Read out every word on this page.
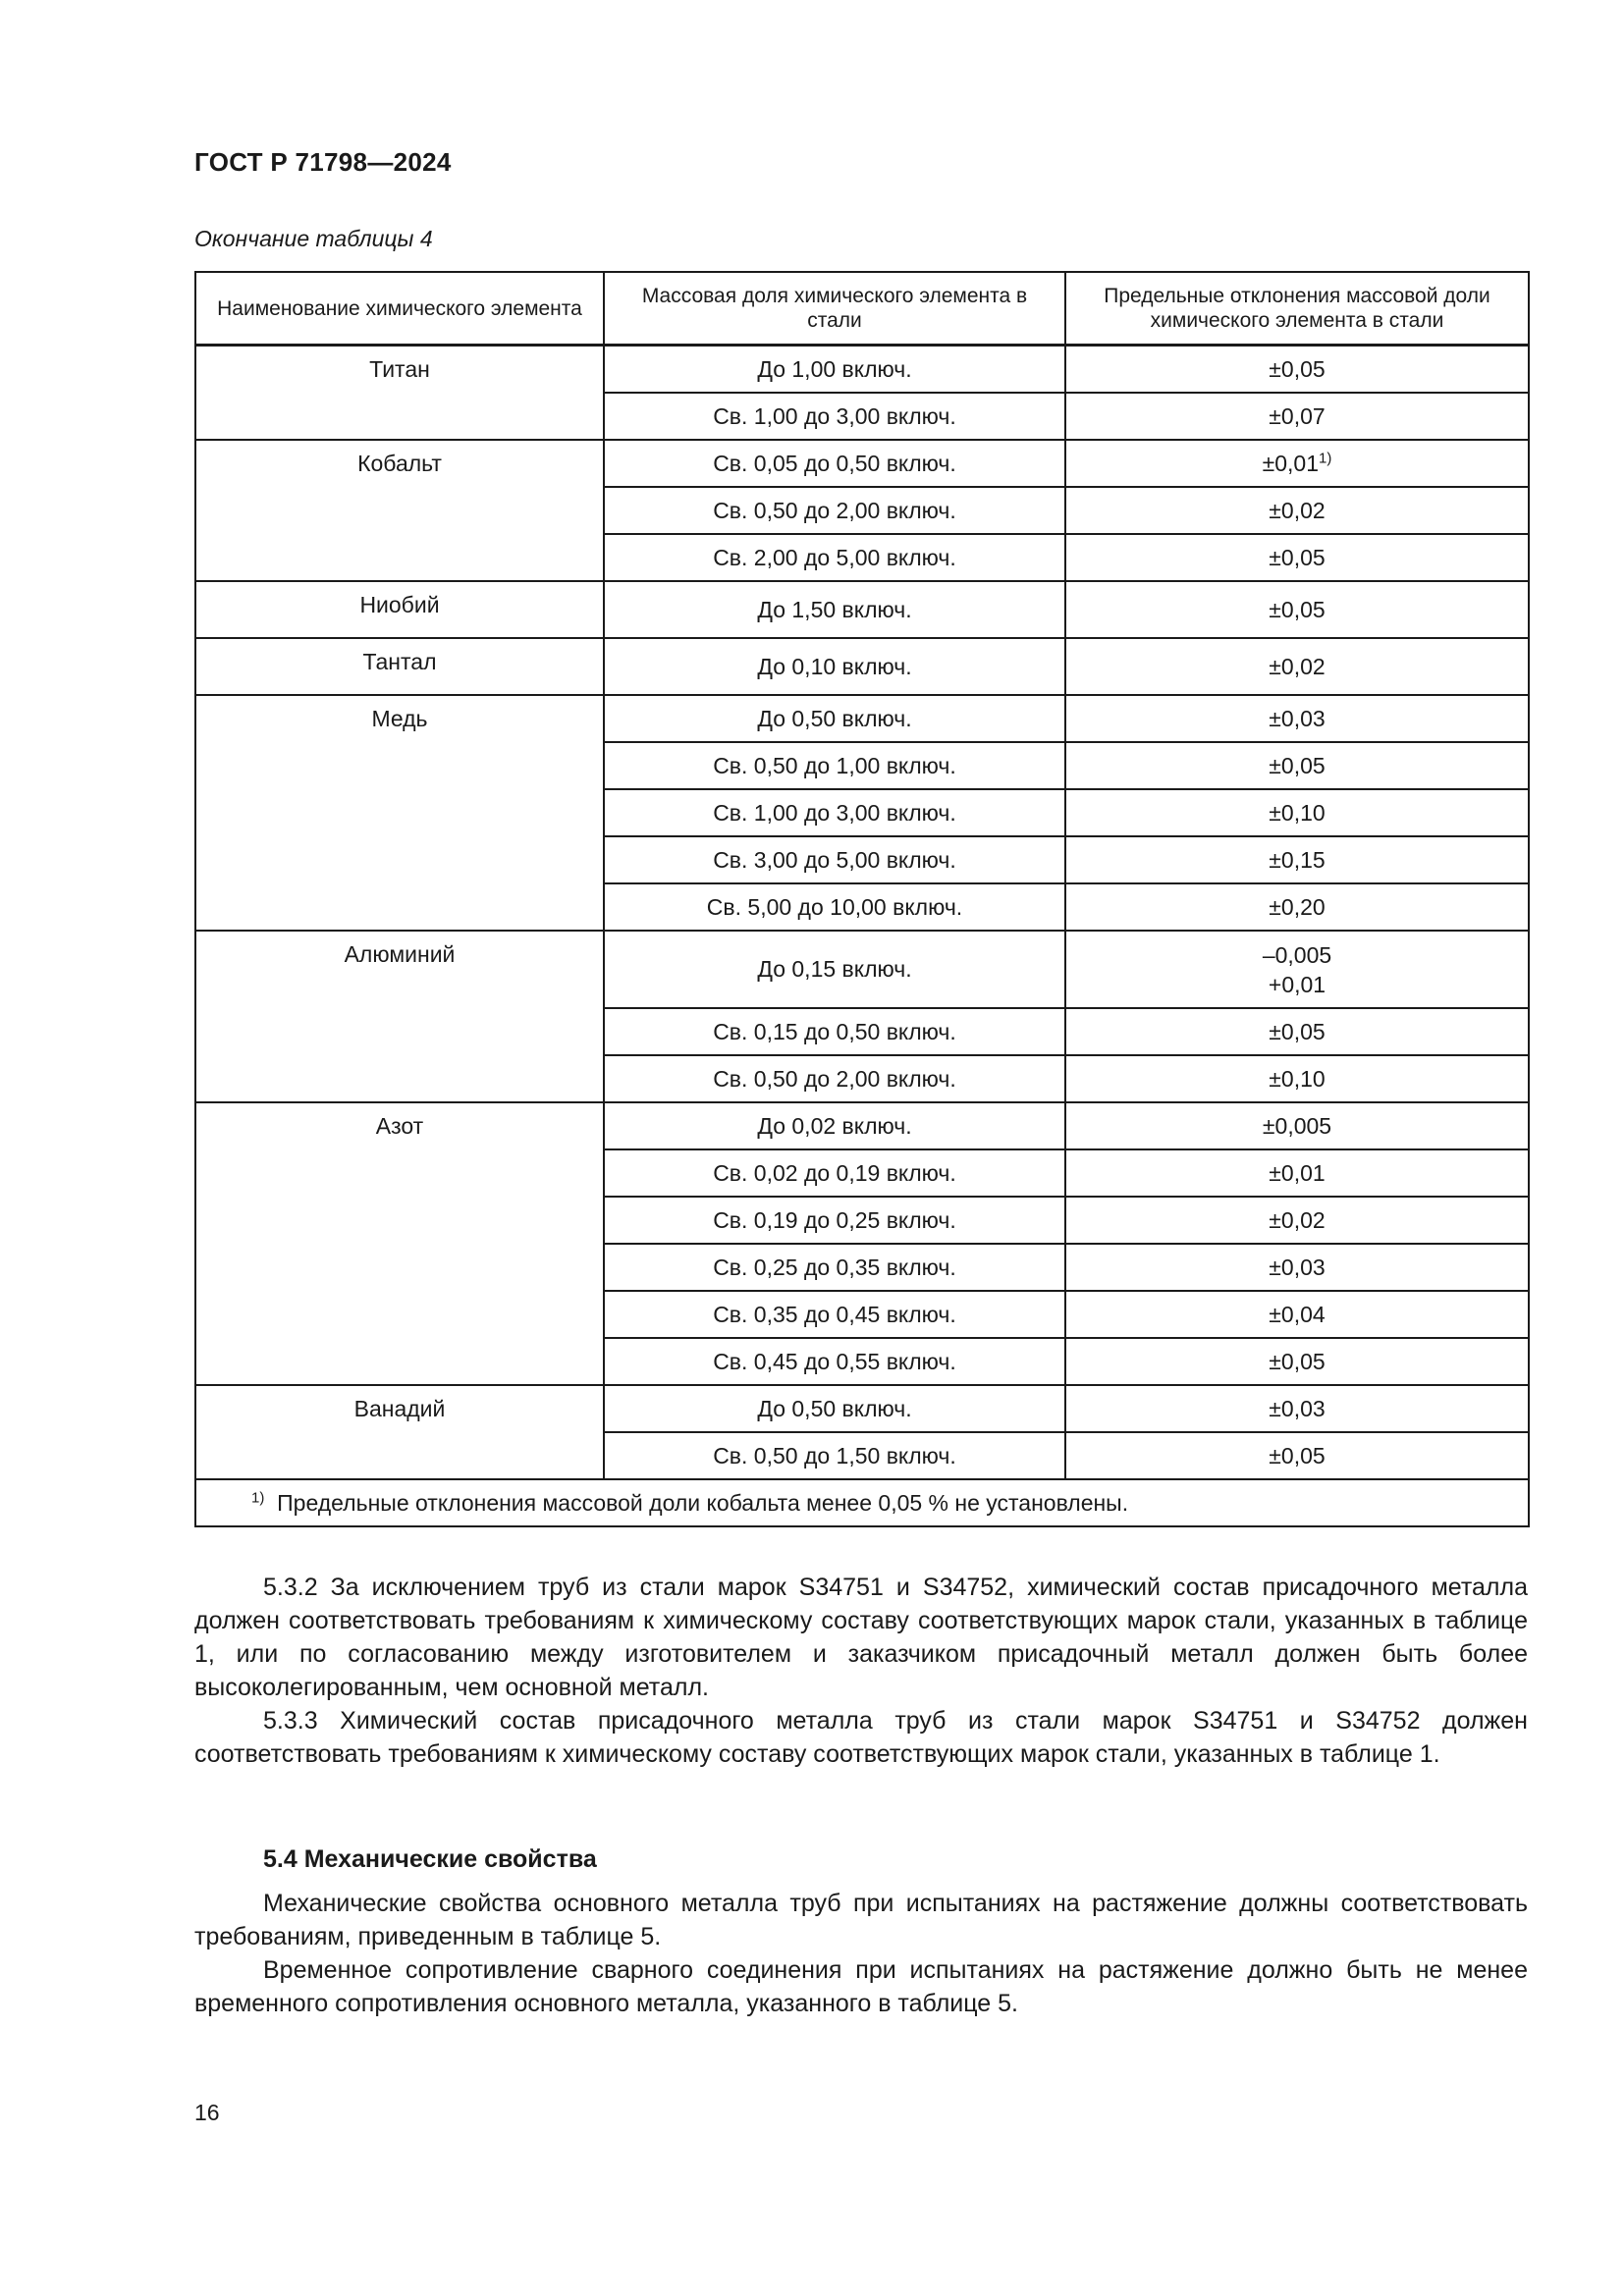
ГОСТ Р 71798—2024
Окончание таблицы 4
Наименование химического элемента	Массовая доля химического элемента в стали	Предельные отклонения массовой доли химического элемента в стали
Титан	До 1,00 включ.	±0,05
	Св. 1,00 до 3,00 включ.	±0,07
Кобальт	Св. 0,05 до 0,50 включ.	$\pm 0,01^{1)}$
	Св. 0,50 до 2,00 включ.	±0,02
	Св. 2,00 до 5,00 включ.	±0,05
Ниобий	До 1,50 включ.	±0,05
Тантал	До 0,10 включ.	±0,02
Медь	До 0,50 включ.	±0,03
	Св. 0,50 до 1,00 включ.	±0,05
	Св. 1,00 до 3,00 включ.	±0,10
	Св. 3,00 до 5,00 включ.	±0,15
	Св. 5,00 до 10,00 включ.	±0,20
Алюминий	До 0,15 включ.	–0,005
+0,01

	Св. 0,15 до 0,50 включ.	±0,05
	Св. 0,50 до 2,00 включ.	±0,10
Азот	До 0,02 включ.	±0,005
	Св. 0,02 до 0,19 включ.	±0,01
	Св. 0,19 до 0,25 включ.	±0,02
	Св. 0,25 до 0,35 включ.	±0,03
	Св. 0,35 до 0,45 включ.	±0,04
	Св. 0,45 до 0,55 включ.	±0,05
Ванадий	До 0,50 включ.	±0,03
	Св. 0,50 до 1,50 включ.	±0,05
$^{1)}$ Предельные отклонения массовой доли кобальта менее 0,05 % не установлены.		

5.3.2 За исключением труб из стали марок S34751 и S34752, химический состав присадочного металла должен соответствовать требованиям к химическому составу соответствующих марок стали, указанных в таблице 1, или по согласованию между изготовителем и заказчиком присадочный металл должен быть более высоколегированным, чем основной металл.

5.3.3 Химический состав присадочного металла труб из стали марок S34751 и S34752 должен соответствовать требованиям к химическому составу соответствующих марок стали, указанных в таблице 1.

5.4 Механические свойства

Механические свойства основного металла труб при испытаниях на растяжение должны соответствовать требованиям, приведенным в таблице 5.

Временное сопротивление сварного соединения при испытаниях на растяжение должно быть не менее временного сопротивления основного металла, указанного в таблице 5.

16
